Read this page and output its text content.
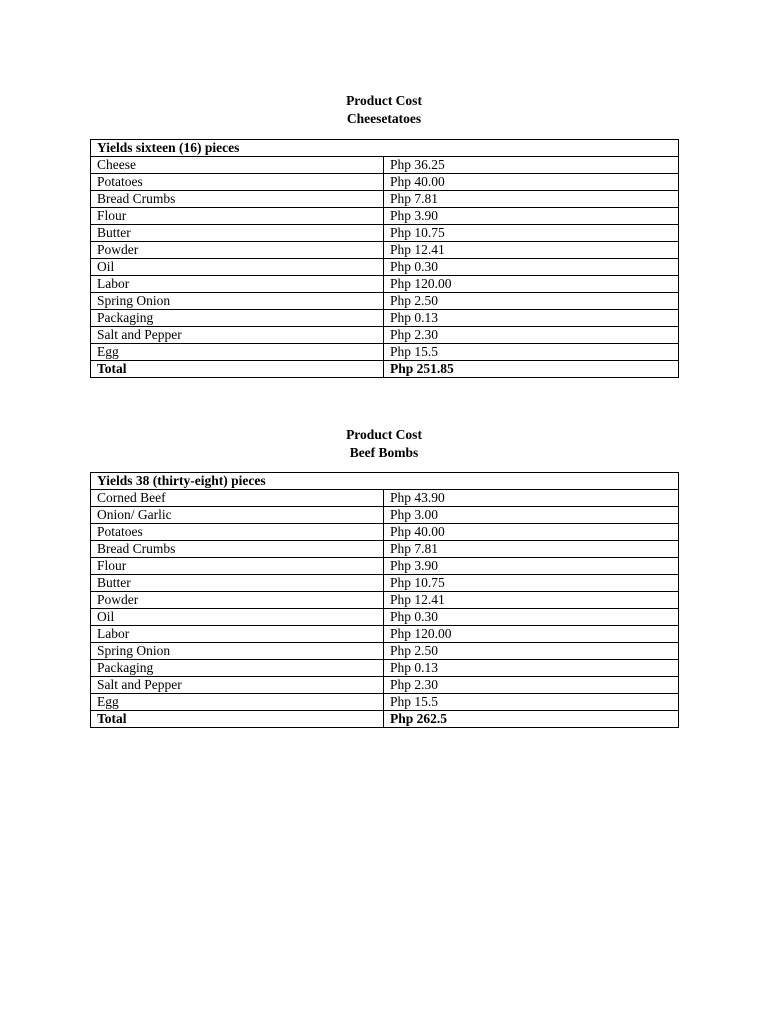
Product Cost
Cheesetatoes
Yields sixteen (16) pieces	
Cheese	Php 36.25
Potatoes	Php 40.00
Bread Crumbs	Php 7.81
Flour	Php 3.90
Butter	Php 10.75
Powder	Php 12.41
Oil	Php 0.30
Labor	Php 120.00
Spring Onion	Php 2.50
Packaging	Php 0.13
Salt and Pepper	Php 2.30
Egg	Php 15.5
Total	Php 251.85
Product Cost
Beef Bombs
Yields 38 (thirty-eight) pieces	
Corned Beef	Php 43.90
Onion/ Garlic	Php 3.00
Potatoes	Php 40.00
Bread Crumbs	Php 7.81
Flour	Php 3.90
Butter	Php 10.75
Powder	Php 12.41
Oil	Php 0.30
Labor	Php 120.00
Spring Onion	Php 2.50
Packaging	Php 0.13
Salt and Pepper	Php 2.30
Egg	Php 15.5
Total	Php 262.5
